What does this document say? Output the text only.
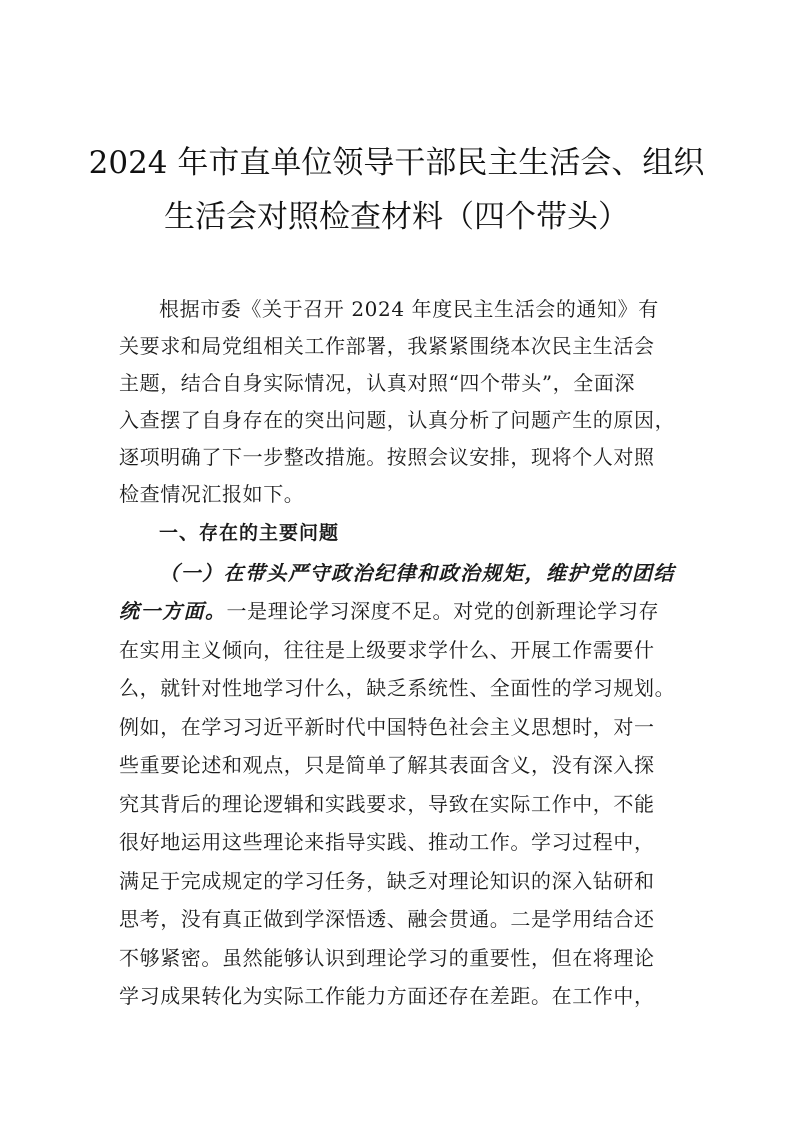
2024 年市直单位领导干部民主生活会、组织
生活会对照检查材料（四个带头）
根据市委《关于召开 2024 年度民主生活会的通知》有
关要求和局党组相关工作部署，我紧紧围绕本次民主生活会
主题，结合自身实际情况，认真对照“四个带头”，全面深
入查摆了自身存在的突出问题，认真分析了问题产生的原因，
逐项明确了下一步整改措施。按照会议安排，现将个人对照
检查情况汇报如下。
一、存在的主要问题
（一）在带头严守政治纪律和政治规矩，维护党的团结
统一方面。一是理论学习深度不足。对党的创新理论学习存
在实用主义倾向，往往是上级要求学什么、开展工作需要什
么，就针对性地学习什么，缺乏系统性、全面性的学习规划。
例如，在学习习近平新时代中国特色社会主义思想时，对一
些重要论述和观点，只是简单了解其表面含义，没有深入探
究其背后的理论逻辑和实践要求，导致在实际工作中，不能
很好地运用这些理论来指导实践、推动工作。学习过程中，
满足于完成规定的学习任务，缺乏对理论知识的深入钻研和
思考，没有真正做到学深悟透、融会贯通。二是学用结合还
不够紧密。虽然能够认识到理论学习的重要性，但在将理论
学习成果转化为实际工作能力方面还存在差距。在工作中，
